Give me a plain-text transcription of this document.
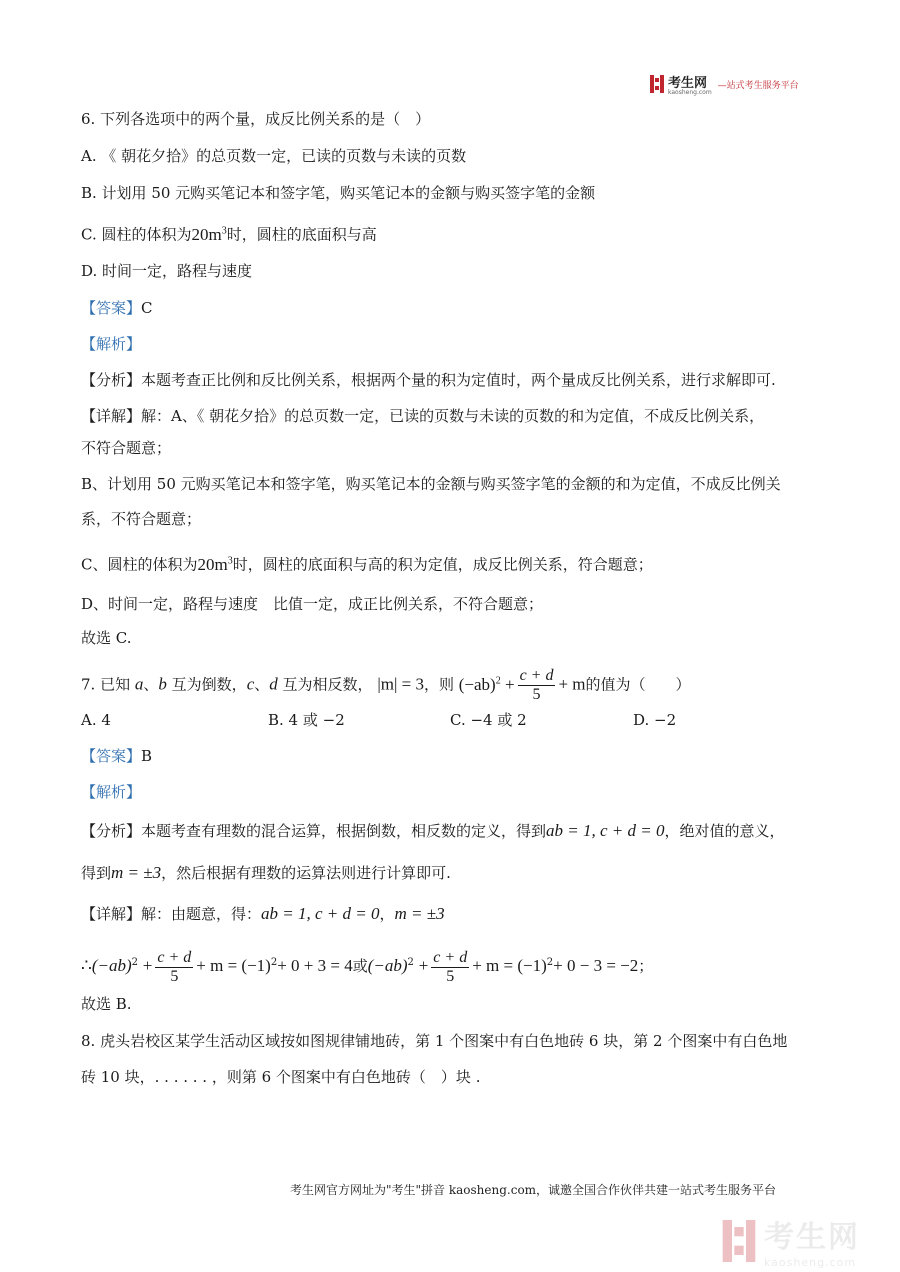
考生网
kaosheng.com
—站式考生服务平台
6. 下列各选项中的两个量，成反比例关系的是（　）
A. 《 朝花夕拾》的总页数一定，已读的页数与未读的页数
B. 计划用 50 元购买笔记本和签字笔，购买笔记本的金额与购买签字笔的金额
C. 圆柱的体积为$20m^3$时，圆柱的底面积与高
D. 时间一定，路程与速度
【答案】C
【解析】
【分析】本题考查正比例和反比例关系，根据两个量的积为定值时，两个量成反比例关系，进行求解即可.
【详解】解：A、《 朝花夕拾》的总页数一定，已读的页数与未读的页数的和为定值，不成反比例关系，
不符合题意；
B、计划用 50 元购买笔记本和签字笔，购买笔记本的金额与购买签字笔的金额的和为定值，不成反比例关
系，不符合题意；
C、圆柱的体积为$20m^3$时，圆柱的底面积与高的积为定值，成反比例关系，符合题意；
D、时间一定，路程与速度　比值一定，成正比例关系，不符合题意；
故选 C.
7. 已知 a、b 互为倒数，c、d 互为相反数， |m| = 3，则 $(-ab)^2 + \frac{c + d}{5} + m$的值为（　　）
A. 4	B. 4 或 −2	C. −4 或 2	D. −2
【答案】B
【解析】
【分析】本题考查有理数的混合运算，根据倒数，相反数的定义，得到ab = 1, c + d = 0，绝对值的意义，
得到m = ±3，然后根据有理数的运算法则进行计算即可.
【详解】解：由题意，得：ab = 1, c + d = 0，m = ±3
$\therefore(-ab)^2 + \frac{c + d}{5} + m = (-1)^2+ 0 + 3 = 4$或$(-ab)^2 + \frac{c + d}{5} + m = (-1)^2+ 0 - 3 = -2$；
故选 B.
8. 虎头岩校区某学生活动区域按如图规律铺地砖，第 1 个图案中有白色地砖 6 块，第 2 个图案中有白色地
砖 10 块，. . . . . . ，则第 6 个图案中有白色地砖（　）块 .
考生网官方网址为"考生"拼音 kaosheng.com，诚邀全国合作伙伴共建一站式考生服务平台
考生网
kaosheng.com
